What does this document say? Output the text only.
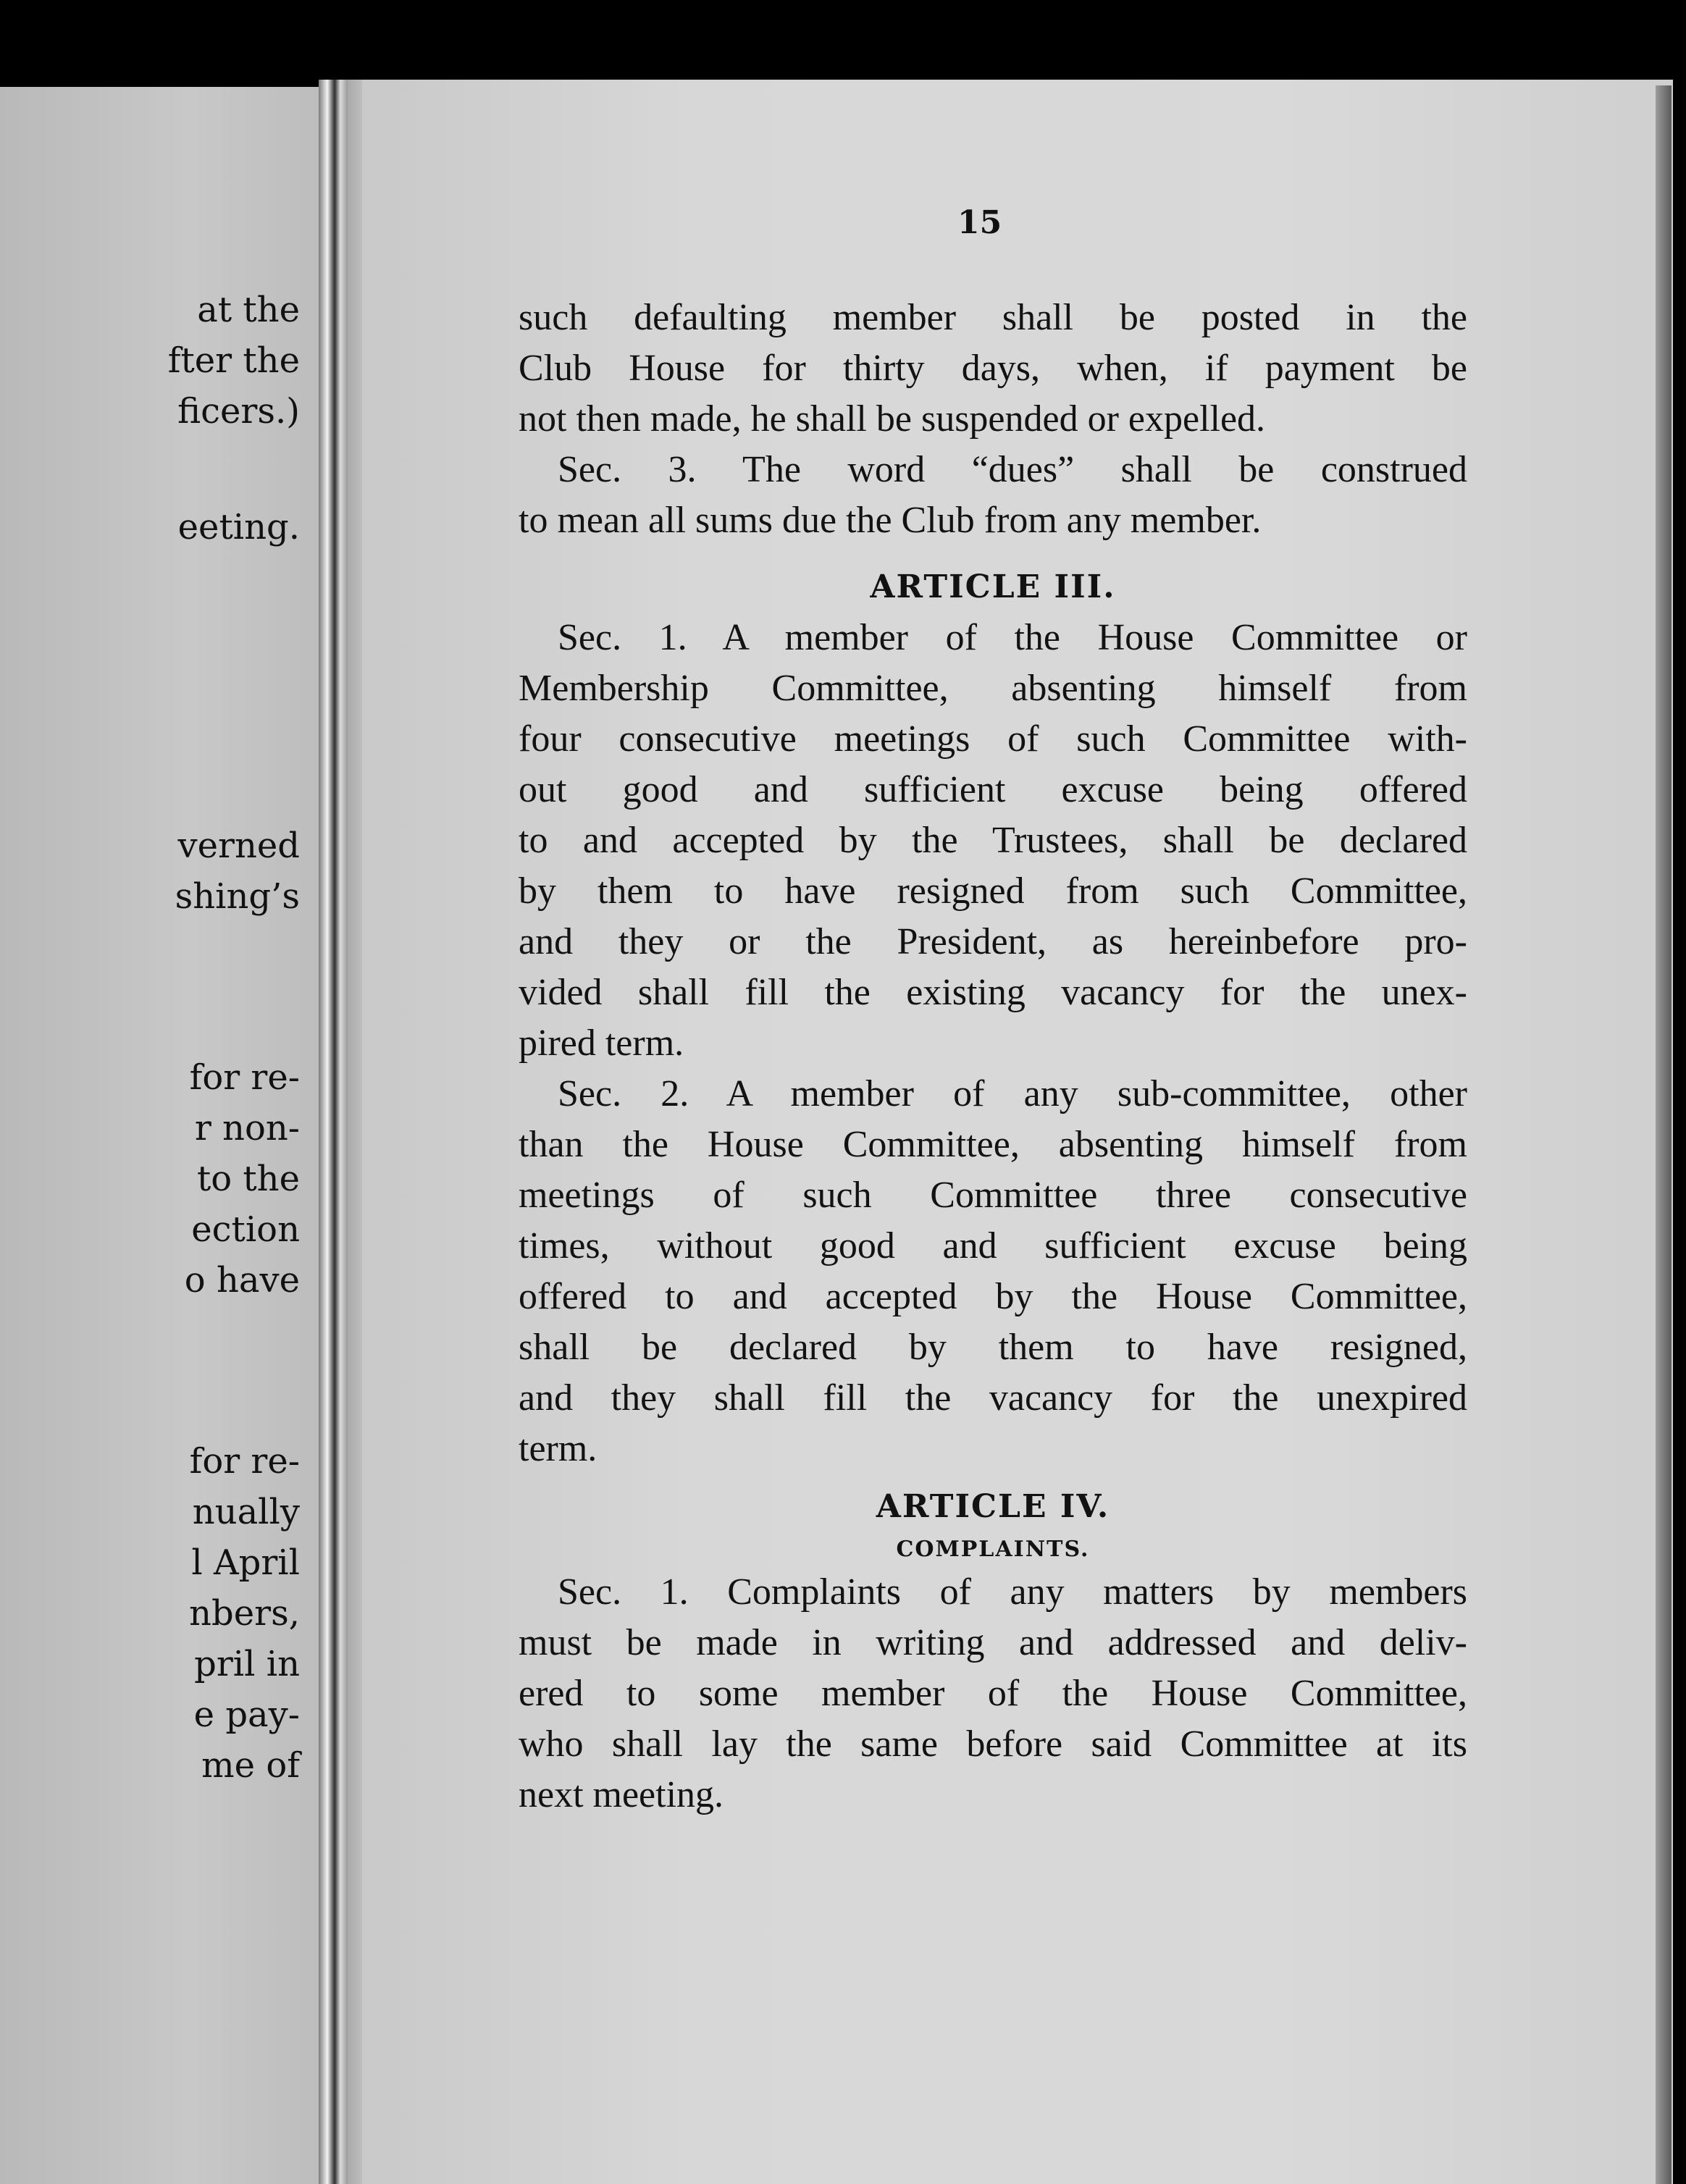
at the

fter the

ficers.)

eeting.

verned

shing’s

for re-

r non-

to the

ection

o have

for re-

nually

l April

nbers,

pril in

e pay-

me of

15

such defaulting member shall be posted in the

Club House for thirty days, when, if payment be

not then made, he shall be suspended or expelled.

Sec. 3. The word “dues” shall be construed

to mean all sums due the Club from any member.

ARTICLE III.

Sec. 1. A member of the House Committee or

Membership Committee, absenting himself from

four consecutive meetings of such Committee with-

out good and sufficient excuse being offered

to and accepted by the Trustees, shall be declared

by them to have resigned from such Committee,

and they or the President, as hereinbefore pro-

vided shall fill the existing vacancy for the unex-

pired term.

Sec. 2. A member of any sub-committee, other

than the House Committee, absenting himself from

meetings of such Committee three consecutive

times, without good and sufficient excuse being

offered to and accepted by the House Committee,

shall be declared by them to have resigned,

and they shall fill the vacancy for the unexpired

term.

ARTICLE IV.

COMPLAINTS.

Sec. 1. Complaints of any matters by members

must be made in writing and addressed and deliv-

ered to some member of the House Committee,

who shall lay the same before said Committee at its

next meeting.
